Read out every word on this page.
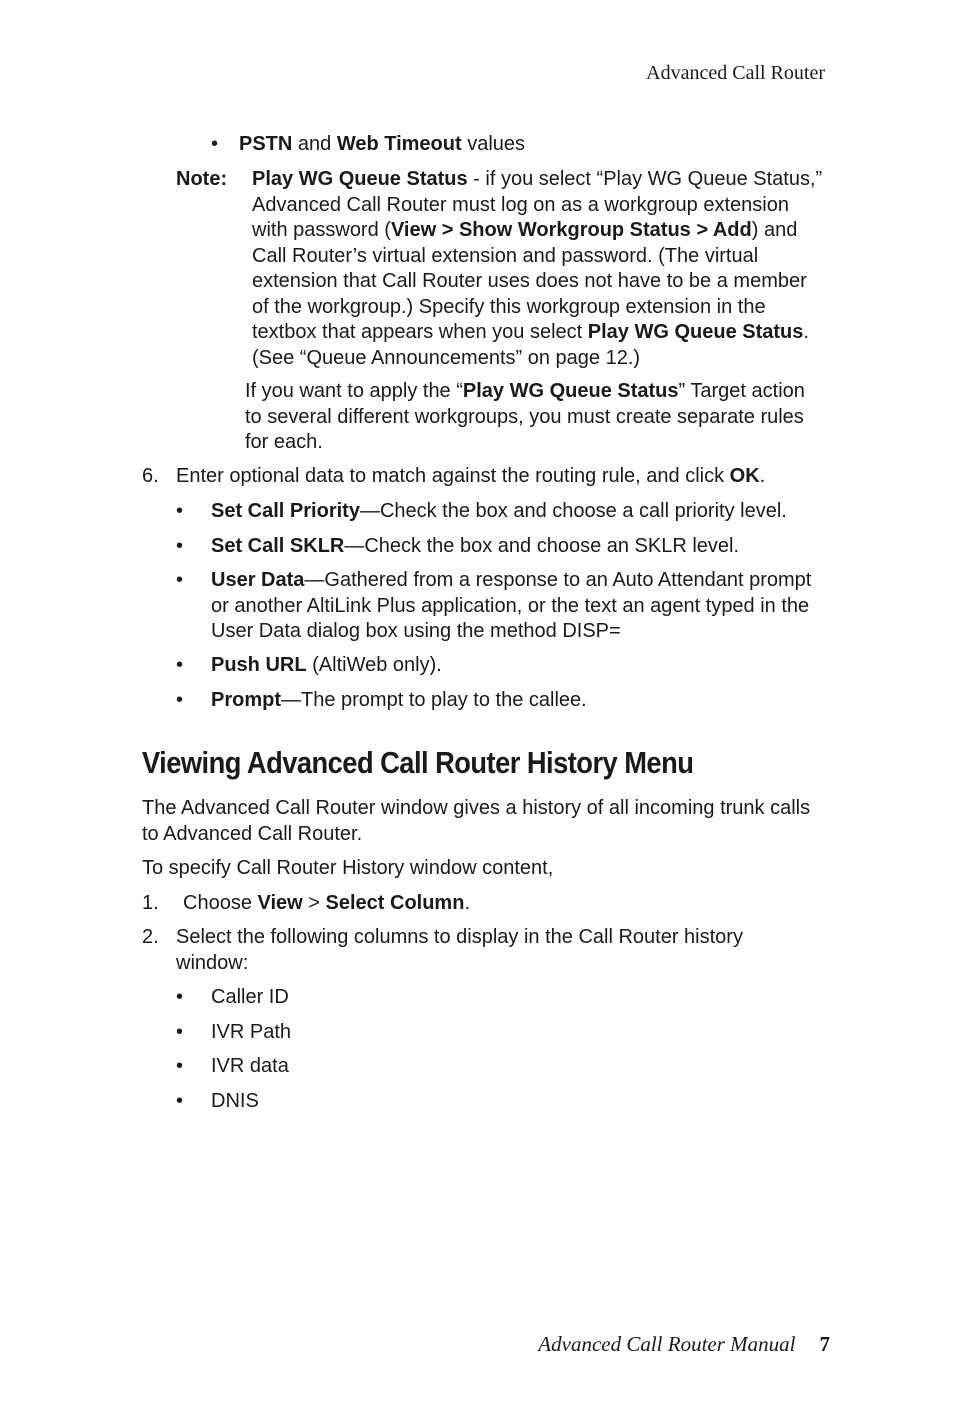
Advanced Call Router
• PSTN and Web Timeout values
Note: Play WG Queue Status - if you select “Play WG Queue Status,” Advanced Call Router must log on as a workgroup extension with password (View > Show Workgroup Status > Add) and Call Router’s virtual extension and password. (The virtual extension that Call Router uses does not have to be a member of the workgroup.) Specify this workgroup extension in the textbox that appears when you select Play WG Queue Status. (See “Queue Announcements” on page 12.)
If you want to apply the “Play WG Queue Status” Target action to several different workgroups, you must create separate rules for each.
6. Enter optional data to match against the routing rule, and click OK.
• Set Call Priority—Check the box and choose a call priority level.
• Set Call SKLR—Check the box and choose an SKLR level.
• User Data—Gathered from a response to an Auto Attendant prompt or another AltiLink Plus application, or the text an agent typed in the User Data dialog box using the method DISP=
• Push URL (AltiWeb only).
• Prompt—The prompt to play to the callee.
Viewing Advanced Call Router History Menu
The Advanced Call Router window gives a history of all incoming trunk calls to Advanced Call Router.
To specify Call Router History window content,
1. Choose View > Select Column.
2. Select the following columns to display in the Call Router history window:
• Caller ID
• IVR Path
• IVR data
• DNIS
Advanced Call Router Manual 7
